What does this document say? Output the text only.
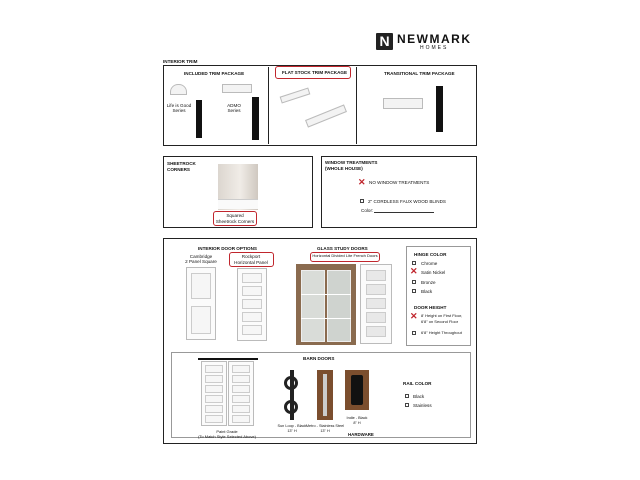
N NEWMARK
HOMES
INTERIOR TRIM
INCLUDED TRIM PACKAGE
Life is Good Series
ADMO Series
FLAT STOCK TRIM PACKAGE	TRANSITIONAL TRIM PACKAGE
SHEETROCK
CORNERS
Squared
Sheetrock Corners
WINDOW TREATMENTS
(WHOLE HOUSE)
✕ NO WINDOW TREATMENTS
2" CORDLESS FAUX WOOD BLINDS
Color:
INTERIOR DOOR OPTIONS	GLASS STUDY DOORS
Cambridge
2 Panel Square
Rockport
Horizontal Panel
Horizontal Divided Lite French Doors	HINGE COLOR
Chrome
✕ Satin Nickel
Bronze
Black
DOOR HEIGHT
✕ 8' Height on First Floor,
6'8" on Second Floor
6'8" Height Throughout
BARN DOORS
Paint Grade
(To Match Style Selected Above)
Sun Loop - Black
13" H
Metro - Stainless Steel
13" H
Indie - Black
8" H
HARDWARE
RAIL COLOR
Black
Stainless
